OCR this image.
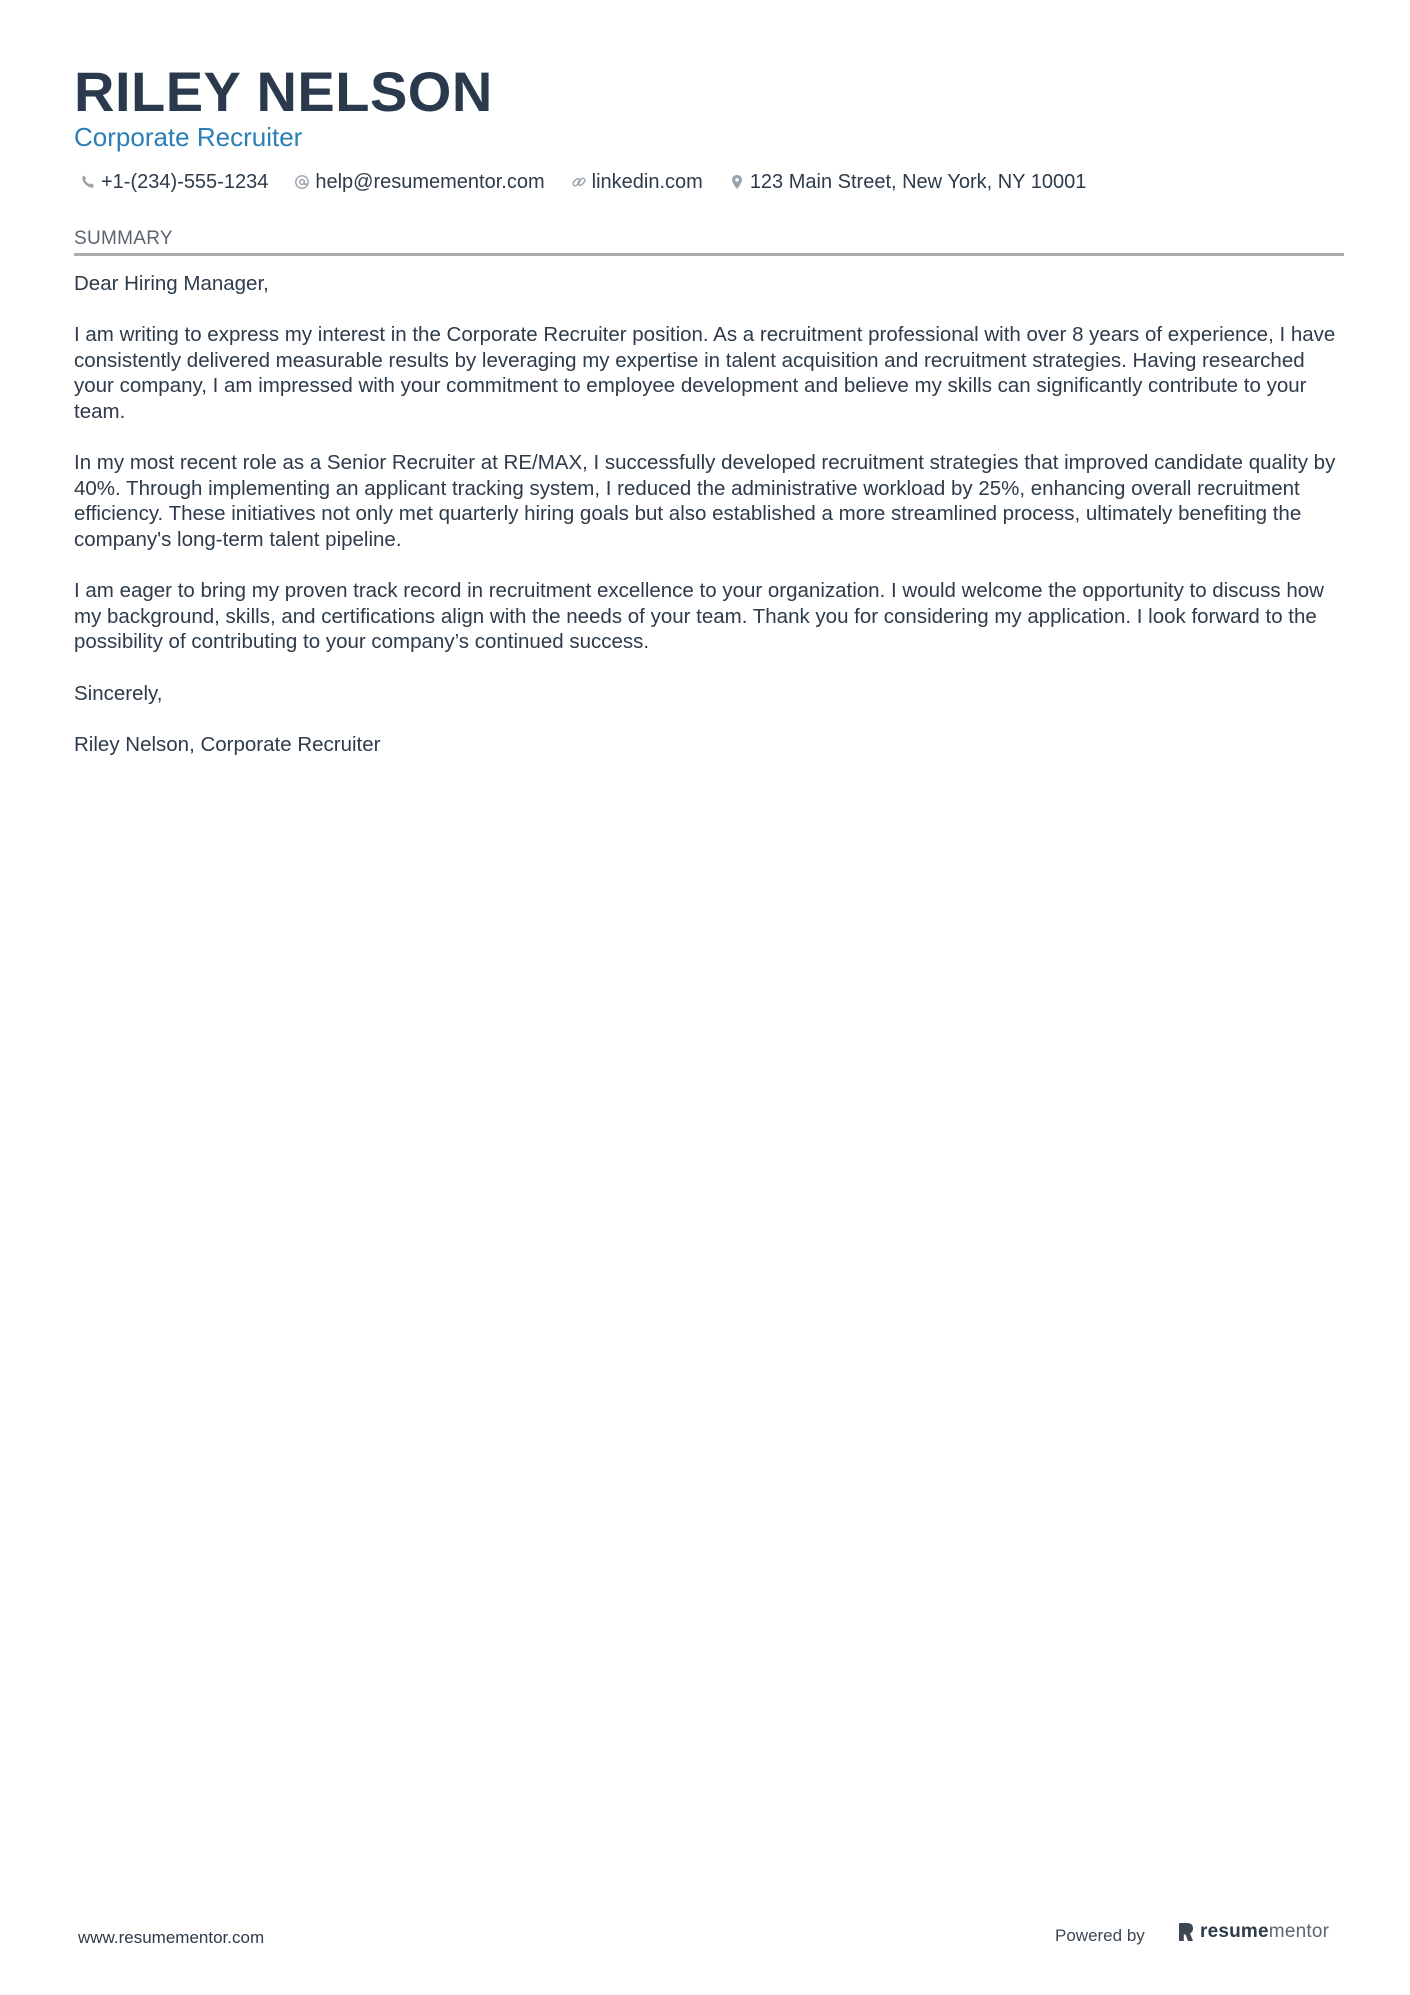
RILEY NELSON
Corporate Recruiter
+1-(234)-555-1234 help@resumementor.com linkedin.com 123 Main Street, New York, NY 10001
SUMMARY

Dear Hiring Manager,

I am writing to express my interest in the Corporate Recruiter position. As a recruitment professional with over 8 years of experience, I have consistently delivered measurable results by leveraging my expertise in talent acquisition and recruitment strategies. Having researched your company, I am impressed with your commitment to employee development and believe my skills can significantly contribute to your team.

In my most recent role as a Senior Recruiter at RE/MAX, I successfully developed recruitment strategies that improved candidate quality by 40%. Through implementing an applicant tracking system, I reduced the administrative workload by 25%, enhancing overall recruitment efficiency. These initiatives not only met quarterly hiring goals but also established a more streamlined process, ultimately benefiting the company's long-term talent pipeline.

I am eager to bring my proven track record in recruitment excellence to your organization. I would welcome the opportunity to discuss how my background, skills, and certifications align with the needs of your team. Thank you for considering my application. I look forward to the possibility of contributing to your company’s continued success.

Sincerely,

Riley Nelson, Corporate Recruiter

www.resumementor.com	Powered by	resumementor
